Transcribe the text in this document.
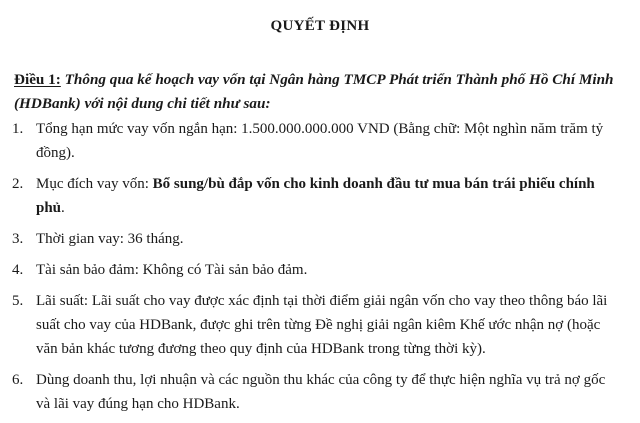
QUYẾT ĐỊNH
Điều 1: Thông qua kế hoạch vay vốn tại Ngân hàng TMCP Phát triển Thành phố Hồ Chí Minh (HDBank) với nội dung chi tiết như sau:
1. Tổng hạn mức vay vốn ngắn hạn: 1.500.000.000.000 VND (Bằng chữ: Một nghìn năm trăm tỷ đồng).
2. Mục đích vay vốn: Bổ sung/bù đắp vốn cho kinh doanh đầu tư mua bán trái phiếu chính phủ.
3. Thời gian vay: 36 tháng.
4. Tài sản bảo đảm: Không có Tài sản bảo đảm.
5. Lãi suất: Lãi suất cho vay được xác định tại thời điểm giải ngân vốn cho vay theo thông báo lãi suất cho vay của HDBank, được ghi trên từng Đề nghị giải ngân kiêm Khế ước nhận nợ (hoặc văn bản khác tương đương theo quy định của HDBank trong từng thời kỳ).
6. Dùng doanh thu, lợi nhuận và các nguồn thu khác của công ty để thực hiện nghĩa vụ trả nợ gốc và lãi vay đúng hạn cho HDBank.
